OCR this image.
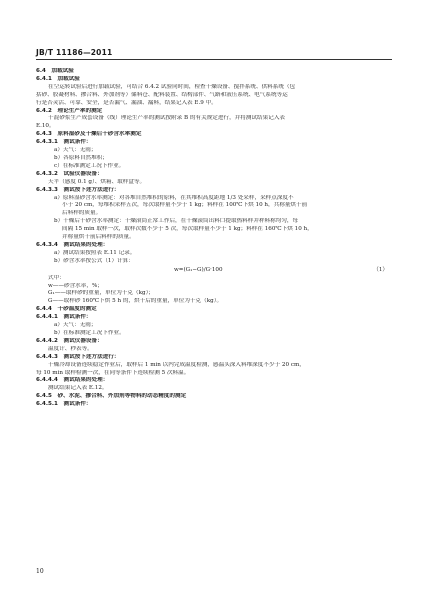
JB/T 11186—2011
6.4　加载试验
6.4.1　加载试验
在空运转试验后进行加载试验，可结合 6.4.2 试验同时间，检查干燥设备、搅拌系统、供料系统（包
括砂、胶凝材料、掺合料、外加剂等）储料仓、配料装置、结构部件、气路和液压系统、电气系统等运
行是否灵活、可靠、安全，是否漏气、漏油、漏料，结果记入表 E.9 中。
6.4.2　理论生产率的测定
干混砂浆生产成套设备（线）理论生产率的测试按附录 B 的有关规定进行，并将测试结果记入表
E.10。
6.4.3　原料湿砂及干燥后干砂含水率测定
6.4.3.1　测试条件：
a）天气：无雨；
b）各原料自然堆积；
c）在标准测定工况下作业。
6.4.3.2　试验仪器设备：
天平（感度 0.1 g）、烘箱、取样盒等。
6.4.3.3　测试按下述方法进行：
a）原料湿砂含水率测定：对各堆自然堆积的原料，在其堆积高度距地 1/3 处采样，采样点深度不
小于 20 cm，每堆积采样五次，每次取样量不少于 1 kg；料样在 100℃下烘 10 h，共称量烘干前
后料样的质量。
b）干燥后干砂含水率测定：干燥滚筒正常工作后，在干燥滚筒出料口提取热料样并秤料称均匀，每
间隔 15 min 取样一次，取样次数不少于 5 次，每次取样量不少于 1 kg；料样在 160℃下烘 10 h，
并称量烘干前后料样的质量。
6.4.3.4　测试结果的处理：
a）测试结果按照表 E.11 记录。
b）砂含水率按公式（1）计算：
w=(G₁−G)/G·100	（1）
式中：
w——砂含水率，%；
G₁——取样砂的重量，单位为千克（kg）；
G——取样砂 160℃下烘 5 h 的，烘干后的重量，单位为千克（kg）。
6.4.4　干砂温度的测定
6.4.4.1　测试条件：
a）天气：无雨；
b）在标准测定工况下作业。
6.4.4.2　测试仪器设备：
温度计、秒表等。
6.4.4.3　测试按下述方法进行：
干燥冷却设备连续稳定作业后，取样后 1 min 以内完成温度检测，感温头深入料堆深度不少于 20 cm，
每 10 min 取样检测一次，在同等条件下连续检测 5 次料温。
6.4.4.4　测试结果的处理：
测试结果记入表 E.12。
6.4.5　砂、水泥、掺合料、外加剂等物料的动态精度的测定
6.4.5.1　测试条件：
10
